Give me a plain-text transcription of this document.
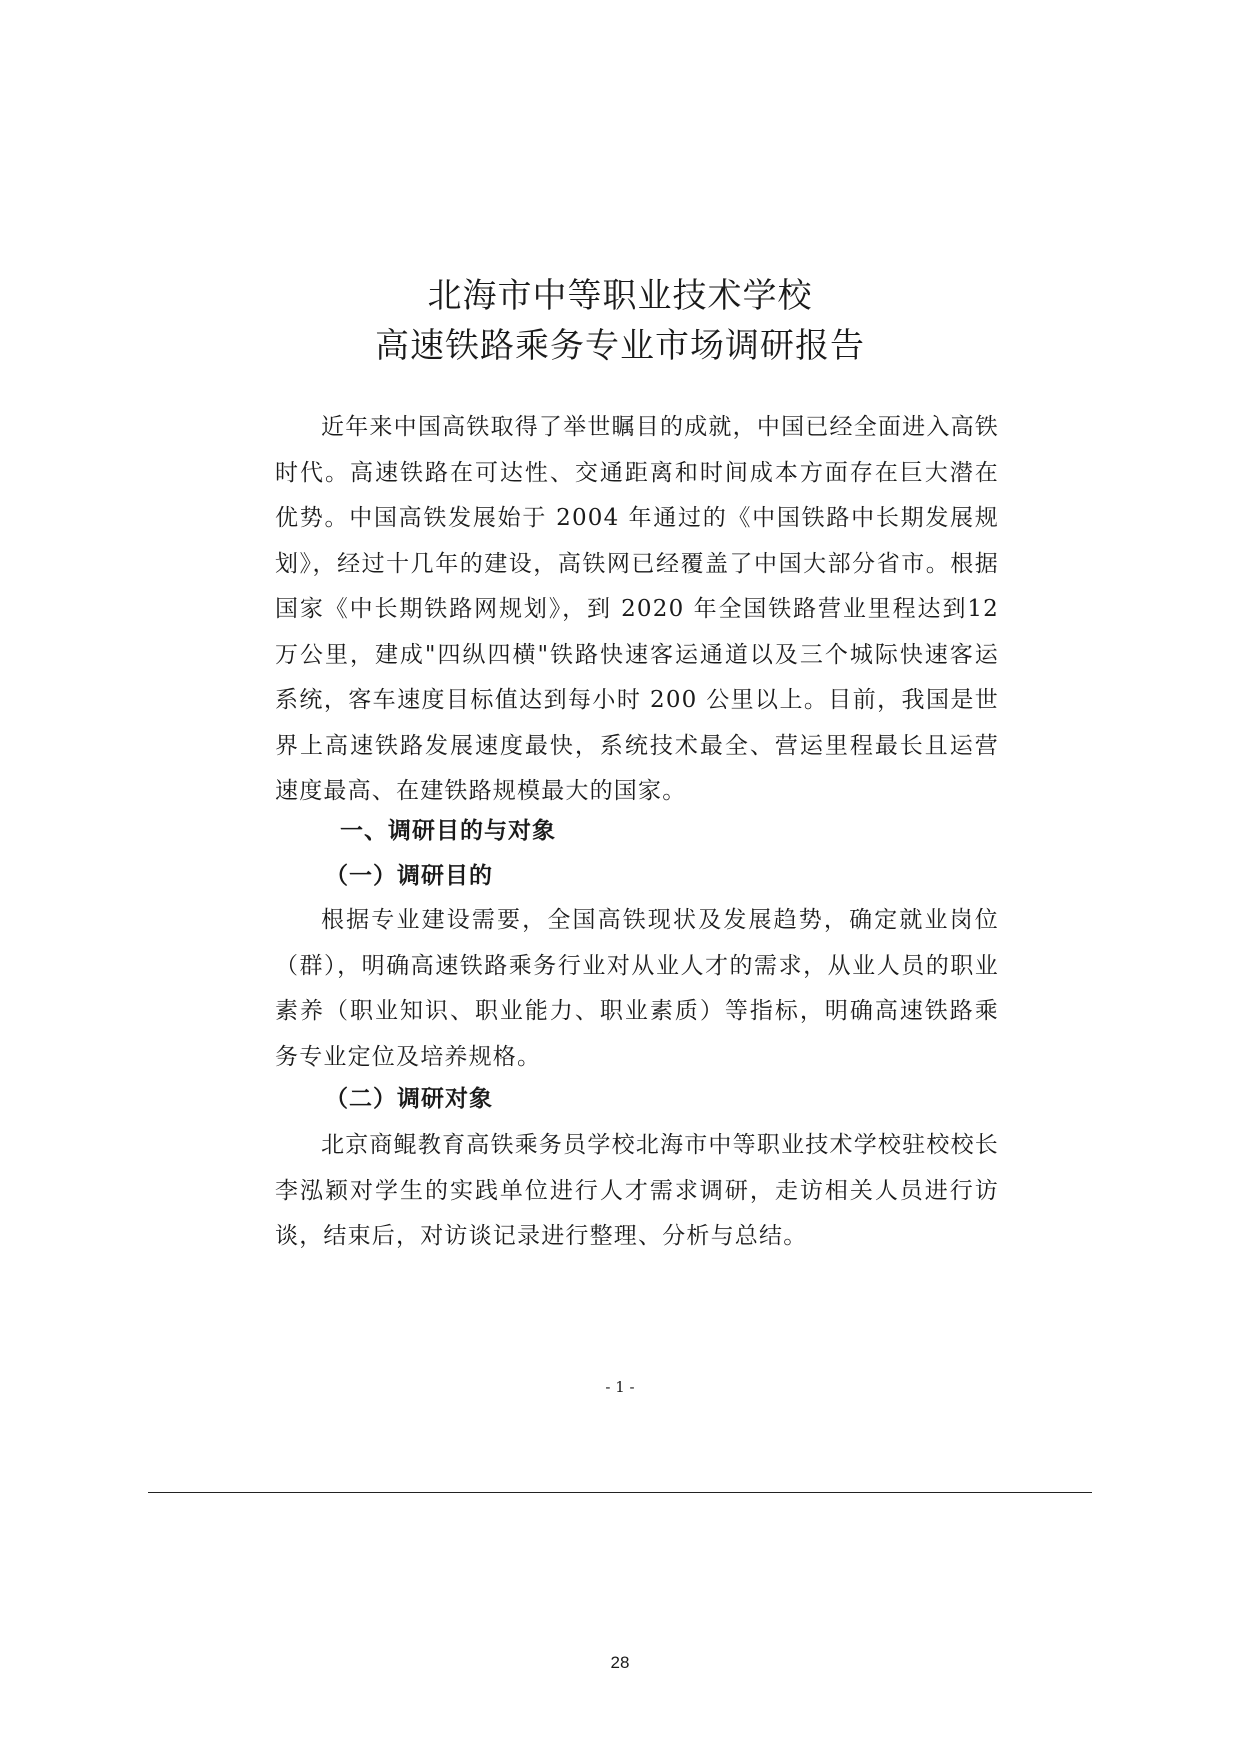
北海市中等职业技术学校
高速铁路乘务专业市场调研报告

近年来中国高铁取得了举世瞩目的成就，中国已经全面进入高铁时代。高速铁路在可达性、交通距离和时间成本方面存在巨大潜在优势。中国高铁发展始于 2004 年通过的《中国铁路中长期发展规划》，经过十几年的建设，高铁网已经覆盖了中国大部分省市。根据国家《中长期铁路网规划》，到 2020 年全国铁路营业里程达到12万公里，建成"四纵四横"铁路快速客运通道以及三个城际快速客运系统，客车速度目标值达到每小时 200 公里以上。目前，我国是世界上高速铁路发展速度最快，系统技术最全、营运里程最长且运营速度最高、在建铁路规模最大的国家。

一、调研目的与对象
（一）调研目的

根据专业建设需要，全国高铁现状及发展趋势，确定就业岗位（群），明确高速铁路乘务行业对从业人才的需求，从业人员的职业素养（职业知识、职业能力、职业素质）等指标，明确高速铁路乘务专业定位及培养规格。

（二）调研对象

北京商鲲教育高铁乘务员学校北海市中等职业技术学校驻校校长李泓颖对学生的实践单位进行人才需求调研，走访相关人员进行访谈，结束后，对访谈记录进行整理、分析与总结。

- 1 -
28
